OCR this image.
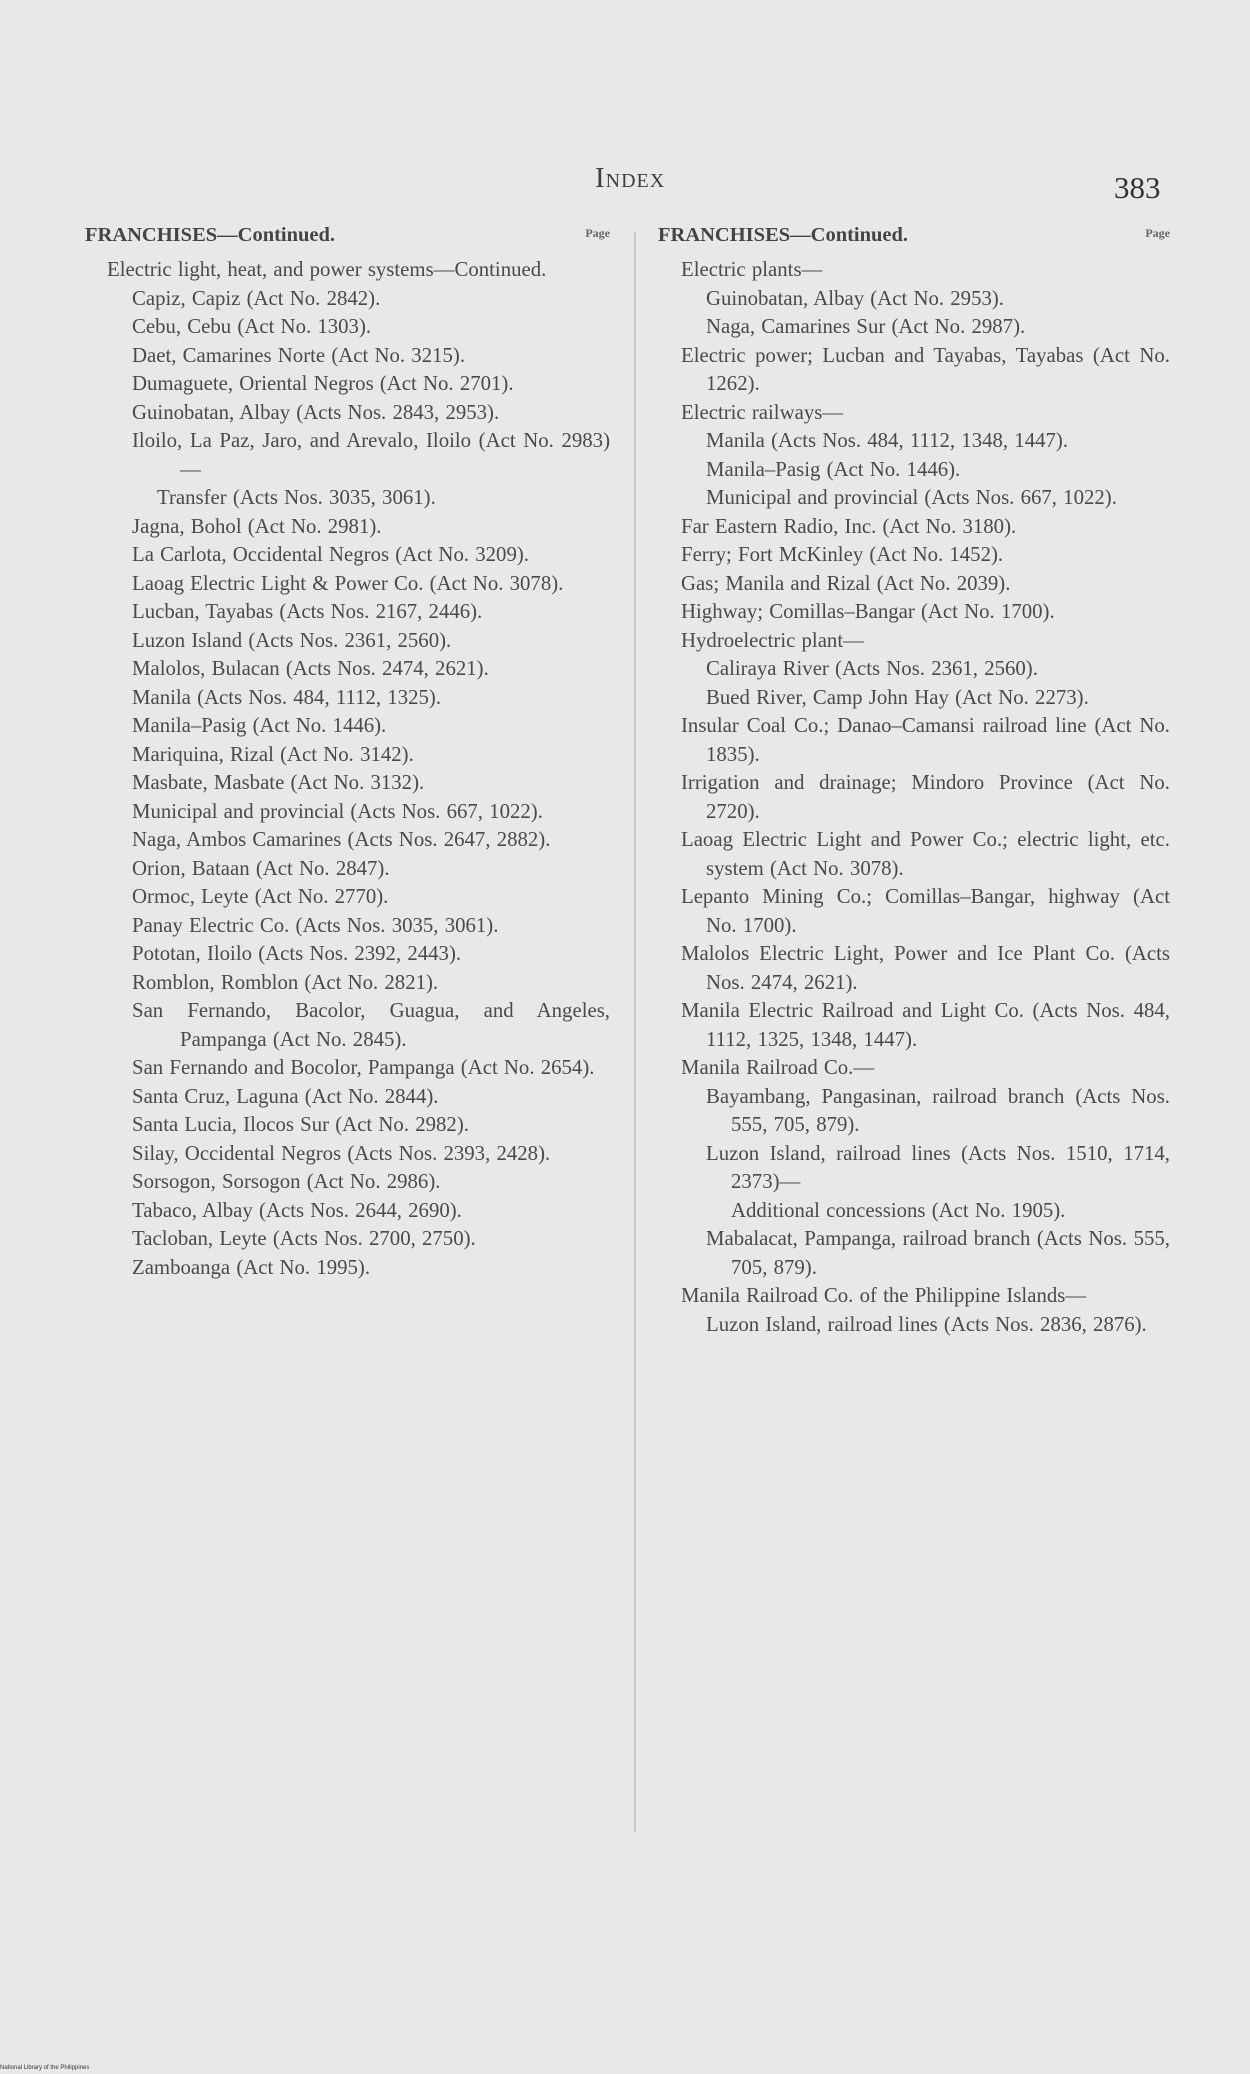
Index	383
FRANCHISES—Continued.	Page
Electric light, heat, and power systems—Continued.
Capiz, Capiz (Act No. 2842).
Cebu, Cebu (Act No. 1303).
Daet, Camarines Norte (Act No. 3215).
Dumaguete, Oriental Negros (Act No. 2701).
Guinobatan, Albay (Acts Nos. 2843, 2953).
Iloilo, La Paz, Jaro, and Arevalo, Iloilo (Act No. 2983)—
Transfer (Acts Nos. 3035, 3061).
Jagna, Bohol (Act No. 2981).
La Carlota, Occidental Negros (Act No. 3209).
Laoag Electric Light & Power Co. (Act No. 3078).
Lucban, Tayabas (Acts Nos. 2167, 2446).
Luzon Island (Acts Nos. 2361, 2560).
Malolos, Bulacan (Acts Nos. 2474, 2621).
Manila (Acts Nos. 484, 1112, 1325).
Manila–Pasig (Act No. 1446).
Mariquina, Rizal (Act No. 3142).
Masbate, Masbate (Act No. 3132).
Municipal and provincial (Acts Nos. 667, 1022).
Naga, Ambos Camarines (Acts Nos. 2647, 2882).
Orion, Bataan (Act No. 2847).
Ormoc, Leyte (Act No. 2770).
Panay Electric Co. (Acts Nos. 3035, 3061).
Pototan, Iloilo (Acts Nos. 2392, 2443).
Romblon, Romblon (Act No. 2821).
San Fernando, Bacolor, Guagua, and Angeles, Pampanga (Act No. 2845).
San Fernando and Bocolor, Pampanga (Act No. 2654).
Santa Cruz, Laguna (Act No. 2844).
Santa Lucia, Ilocos Sur (Act No. 2982).
Silay, Occidental Negros (Acts Nos. 2393, 2428).
Sorsogon, Sorsogon (Act No. 2986).
Tabaco, Albay (Acts Nos. 2644, 2690).
Tacloban, Leyte (Acts Nos. 2700, 2750).
Zamboanga (Act No. 1995).
FRANCHISES—Continued.	Page
Electric plants—
Guinobatan, Albay (Act No. 2953).
Naga, Camarines Sur (Act No. 2987).
Electric power; Lucban and Tayabas, Tayabas (Act No. 1262).
Electric railways—
Manila (Acts Nos. 484, 1112, 1348, 1447).
Manila–Pasig (Act No. 1446).
Municipal and provincial (Acts Nos. 667, 1022).
Far Eastern Radio, Inc. (Act No. 3180).
Ferry; Fort McKinley (Act No. 1452).
Gas; Manila and Rizal (Act No. 2039).
Highway; Comillas–Bangar (Act No. 1700).
Hydroelectric plant—
Caliraya River (Acts Nos. 2361, 2560).
Bued River, Camp John Hay (Act No. 2273).
Insular Coal Co.; Danao–Camansi railroad line (Act No. 1835).
Irrigation and drainage; Mindoro Province (Act No. 2720).
Laoag Electric Light and Power Co.; electric light, etc. system (Act No. 3078).
Lepanto Mining Co.; Comillas–Bangar, highway (Act No. 1700).
Malolos Electric Light, Power and Ice Plant Co. (Acts Nos. 2474, 2621).
Manila Electric Railroad and Light Co. (Acts Nos. 484, 1112, 1325, 1348, 1447).
Manila Railroad Co.—
Bayambang, Pangasinan, railroad branch (Acts Nos. 555, 705, 879).
Luzon Island, railroad lines (Acts Nos. 1510, 1714, 2373)—
Additional concessions (Act No. 1905).
Mabalacat, Pampanga, railroad branch (Acts Nos. 555, 705, 879).
Manila Railroad Co. of the Philippine Islands—
Luzon Island, railroad lines (Acts Nos. 2836, 2876).
National Library of the Philippines
